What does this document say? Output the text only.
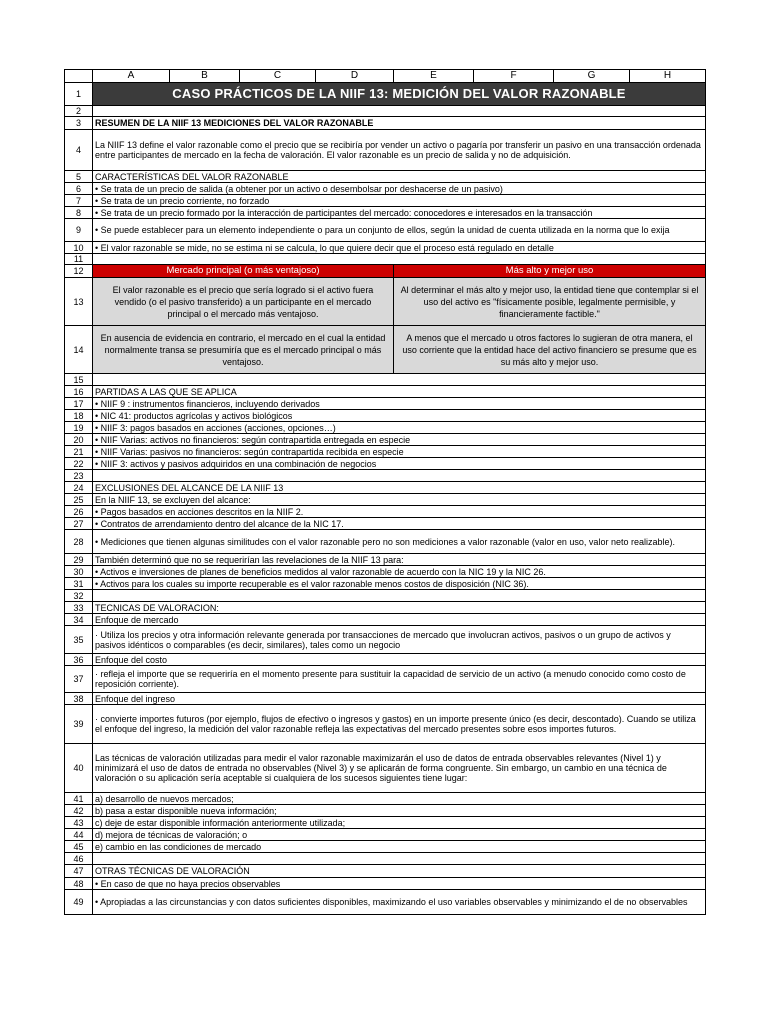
	A	B	C	D	E	F	G	H
1	CASO PRÁCTICOS DE LA NIIF 13: MEDICIÓN DEL VALOR RAZONABLE							
2								
3	RESUMEN DE LA NIIF 13 MEDICIONES DEL VALOR RAZONABLE							
4	La NIIF 13 define el valor razonable como el precio que se recibiría por vender un activo o pagaría por transferir un pasivo en una transacción ordenada entre participantes de mercado en la fecha de valoración. El valor razonable es un precio de salida y no de adquisición.							
5	CARACTERÍSTICAS DEL VALOR RAZONABLE							
6	• Se trata de un precio de salida (a obtener por un activo o desembolsar por deshacerse de un pasivo)							
7	• Se trata de un precio corriente, no forzado							
8	• Se trata de un precio formado por la interacción de participantes del mercado: conocedores e interesados en la transacción							
9	• Se puede establecer para un elemento independiente o para un conjunto de ellos, según la unidad de cuenta utilizada en la norma que lo exija							
10	• El valor razonable se mide, no se estima ni se calcula, lo que quiere decir que el proceso está regulado en detalle							
11								
12	Mercado principal (o más ventajoso)				Más alto y mejor uso			
13	El valor razonable es el precio que sería logrado si el activo fuera vendido (o el pasivo transferido) a un participante en el mercado principal o el mercado más ventajoso.				Al determinar el más alto y mejor uso, la entidad tiene que contemplar si el uso del activo es "físicamente posible, legalmente permisible, y financieramente factible."			
14	En ausencia de evidencia en contrario, el mercado en el cual la entidad normalmente transa se presumiría que es el mercado principal o más ventajoso.				A menos que el mercado u otros factores lo sugieran de otra manera, el uso corriente que la entidad hace del activo financiero se presume que es su más alto y mejor uso.			
15								
16	PARTIDAS A LAS QUE SE APLICA							
17	• NIIF 9 : instrumentos financieros, incluyendo derivados							
18	• NIC 41: productos agrícolas y activos biológicos							
19	• NIIF 3: pagos basados en acciones (acciones, opciones…)							
20	• NIIF Varias: activos no financieros: según contrapartida entregada en especie							
21	• NIIF Varias: pasivos no financieros: según contrapartida recibida en especie							
22	• NIIF 3: activos y pasivos adquiridos en una combinación de negocios							
23								
24	EXCLUSIONES DEL ALCANCE DE LA NIIF 13							
25	En la NIIF 13, se excluyen del alcance:							
26	• Pagos basados en acciones descritos en la NIIF 2.							
27	• Contratos de arrendamiento dentro del alcance de la NIC 17.							
28	• Mediciones que tienen algunas similitudes con el valor razonable pero no son mediciones a valor razonable (valor en uso, valor neto realizable).							
29	También determinó que no se requerirían las revelaciones de la NIIF 13 para:							
30	• Activos e inversiones de planes de beneficios medidos al valor razonable de acuerdo con la NIC 19 y la NIC 26.							
31	• Activos para los cuales su importe recuperable es el valor razonable menos costos de disposición (NIC 36).							
32								
33	TECNICAS DE VALORACION:							
34	Enfoque de mercado							
35	· Utiliza los precios y otra información relevante generada por transacciones de mercado que involucran activos, pasivos o un grupo de activos y pasivos idénticos o comparables (es decir, similares), tales como un negocio							
36	Enfoque del costo							
37	· refleja el importe que se requeriría en el momento presente para sustituir la capacidad de servicio de un activo (a menudo conocido como costo de reposición corriente).							
38	Enfoque del ingreso							
39	· convierte importes futuros (por ejemplo, flujos de efectivo o ingresos y gastos) en un importe presente único (es decir, descontado). Cuando se utiliza el enfoque del ingreso, la medición del valor razonable refleja las expectativas del mercado presentes sobre esos importes futuros.							
40	Las técnicas de valoración utilizadas para medir el valor razonable maximizarán el uso de datos de entrada observables relevantes (Nivel 1) y minimizará el uso de datos de entrada no observables (Nivel 3) y se aplicarán de forma congruente. Sin embargo, un cambio en una técnica de valoración o su aplicación sería aceptable si cualquiera de los sucesos siguientes tiene lugar:							
41	a) desarrollo de nuevos mercados;							
42	b) pasa a estar disponible nueva información;							
43	c) deje de estar disponible información anteriormente utilizada;							
44	d) mejora de técnicas de valoración; o							
45	e) cambio en las condiciones de mercado							
46								
47	OTRAS TÉCNICAS DE VALORACIÓN							
48	• En caso de que no haya precios observables							
49	• Apropiadas a las circunstancias y con datos suficientes disponibles, maximizando el uso variables observables y minimizando el de no observables							
